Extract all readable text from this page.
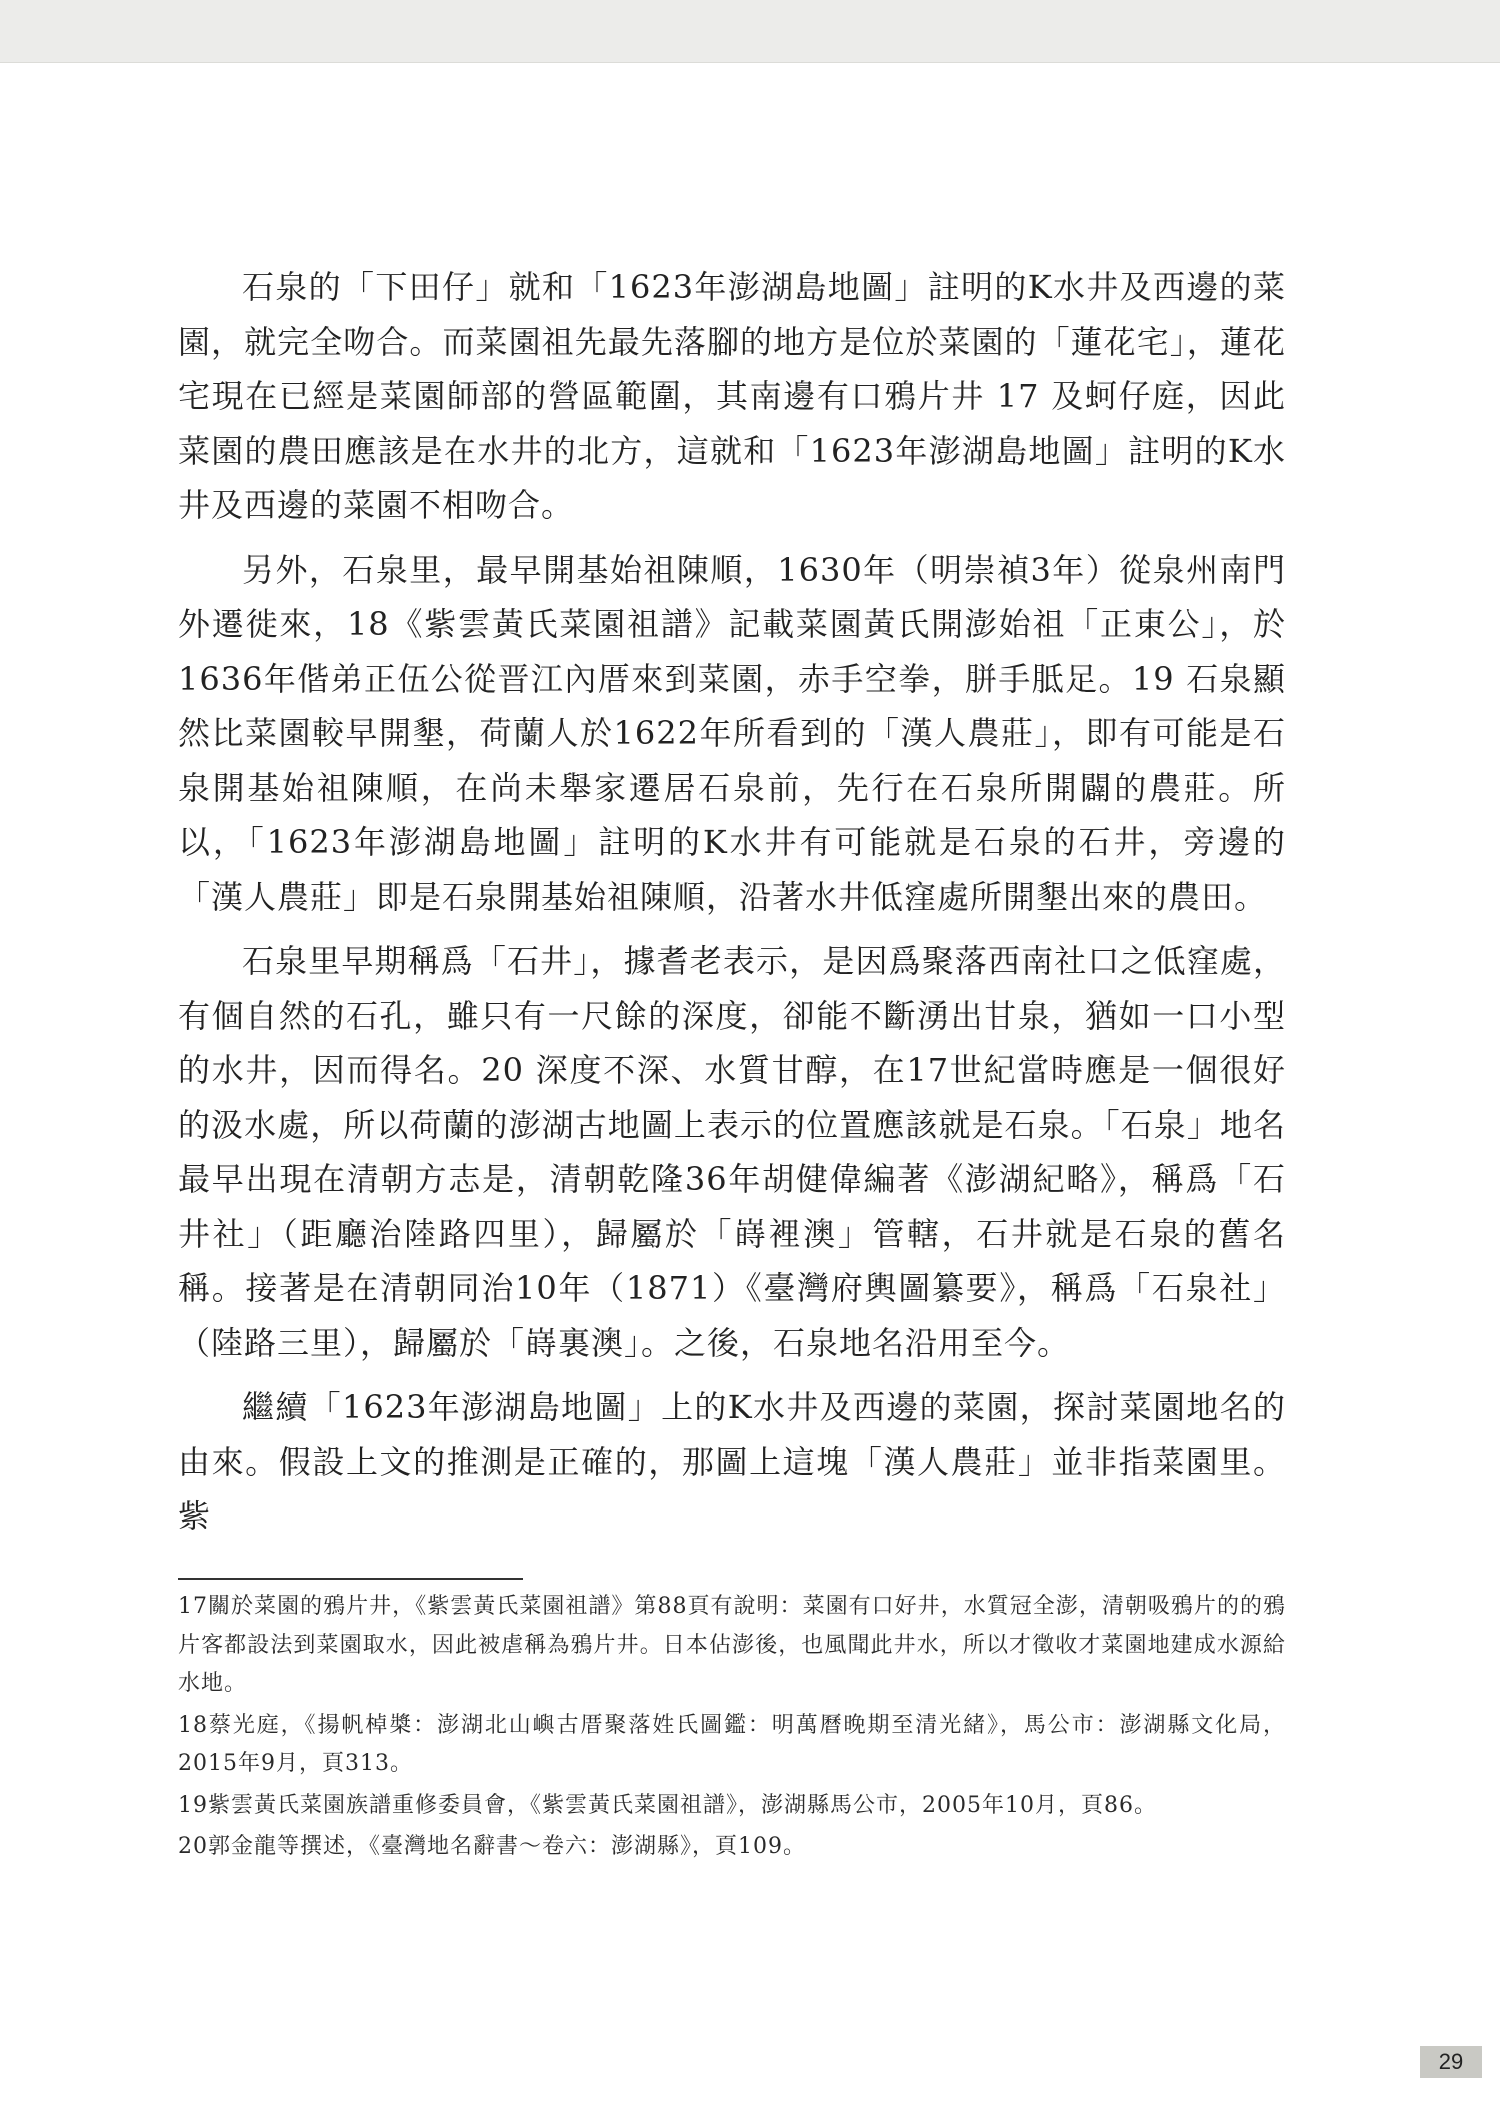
石泉的「下田仔」就和「1623年澎湖島地圖」註明的K水井及西邊的菜園，就完全吻合。而菜園祖先最先落腳的地方是位於菜園的「蓮花宅」，蓮花宅現在已經是菜園師部的營區範圍，其南邊有口鴉片井 17 及蚵仔庭，因此菜園的農田應該是在水井的北方，這就和「1623年澎湖島地圖」註明的K水井及西邊的菜園不相吻合。

另外，石泉里，最早開基始祖陳順，1630年（明崇禎3年）從泉州南門外遷徙來，18《紫雲黃氏菜園祖譜》記載菜園黃氏開澎始祖「正東公」，於1636年偕弟正伍公從晋江內厝來到菜園，赤手空拳，胼手胝足。19 石泉顯然比菜園較早開墾，荷蘭人於1622年所看到的「漢人農莊」，即有可能是石泉開基始祖陳順，在尚未舉家遷居石泉前，先行在石泉所開闢的農莊。所以，「1623年澎湖島地圖」註明的K水井有可能就是石泉的石井，旁邊的「漢人農莊」即是石泉開基始祖陳順，沿著水井低窪處所開墾出來的農田。

石泉里早期稱爲「石井」，據耆老表示，是因爲聚落西南社口之低窪處，有個自然的石孔，雖只有一尺餘的深度，卻能不斷湧出甘泉，猶如一口小型的水井，因而得名。20 深度不深、水質甘醇，在17世紀當時應是一個很好的汲水處，所以荷蘭的澎湖古地圖上表示的位置應該就是石泉。「石泉」地名最早出現在清朝方志是，清朝乾隆36年胡健偉編著《澎湖紀略》，稱爲「石井社」（距廳治陸路四里），歸屬於「嵵裡澳」管轄，石井就是石泉的舊名稱。接著是在清朝同治10年（1871）《臺灣府輿圖纂要》，稱爲「石泉社」（陸路三里），歸屬於「嵵裏澳」。之後，石泉地名沿用至今。

繼續「1623年澎湖島地圖」上的K水井及西邊的菜園，探討菜園地名的由來。假設上文的推測是正確的，那圖上這塊「漢人農莊」並非指菜園里。紫

17關於菜園的鴉片井，《紫雲黃氏菜園祖譜》第88頁有說明：菜園有口好井，水質冠全澎，清朝吸鴉片的的鴉片客都設法到菜園取水，因此被虐稱為鴉片井。日本佔澎後，也風聞此井水，所以才徵收才菜園地建成水源給水地。

18蔡光庭，《揚帆棹槳：澎湖北山嶼古厝聚落姓氏圖鑑：明萬曆晚期至清光緒》，馬公市：澎湖縣文化局，2015年9月，頁313。

19紫雲黃氏菜園族譜重修委員會，《紫雲黃氏菜園祖譜》，澎湖縣馬公市，2005年10月，頁86。

20郭金龍等撰述，《臺灣地名辭書～卷六：澎湖縣》，頁109。

29
